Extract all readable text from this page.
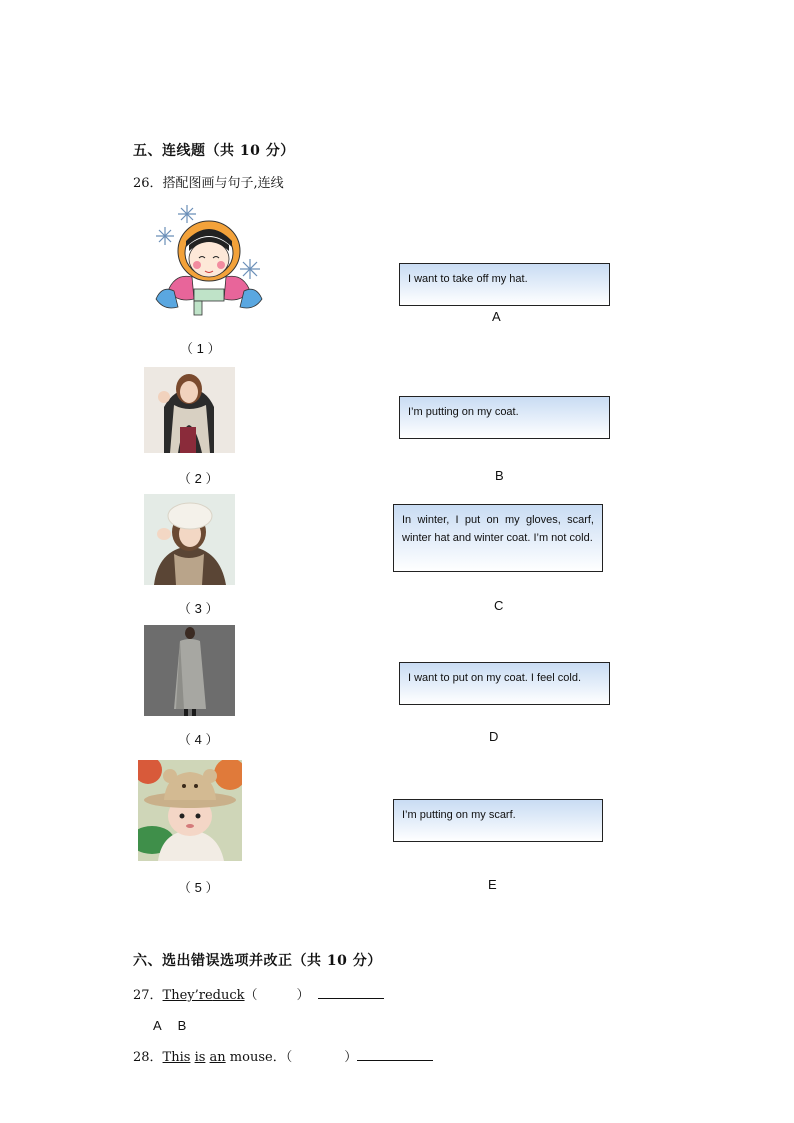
五、连线题（共 10 分）
26．搭配图画与句子,连线
（ 1 ）
（ 2 ）
（ 3 ）
（ 4 ）
（ 5 ）
I want to take off my hat.
A
I’m putting on my coat.
B
In winter, I put on my gloves, scarf, winter hat and winter coat. I’m not cold.
C
I want to put on my coat. I feel cold.
D
I’m putting on my scarf.
E
六、选出错误选项并改正（共 10 分）
27．They’reduck（　　　）
A　 B
28．This is an mouse．（　　　　）
